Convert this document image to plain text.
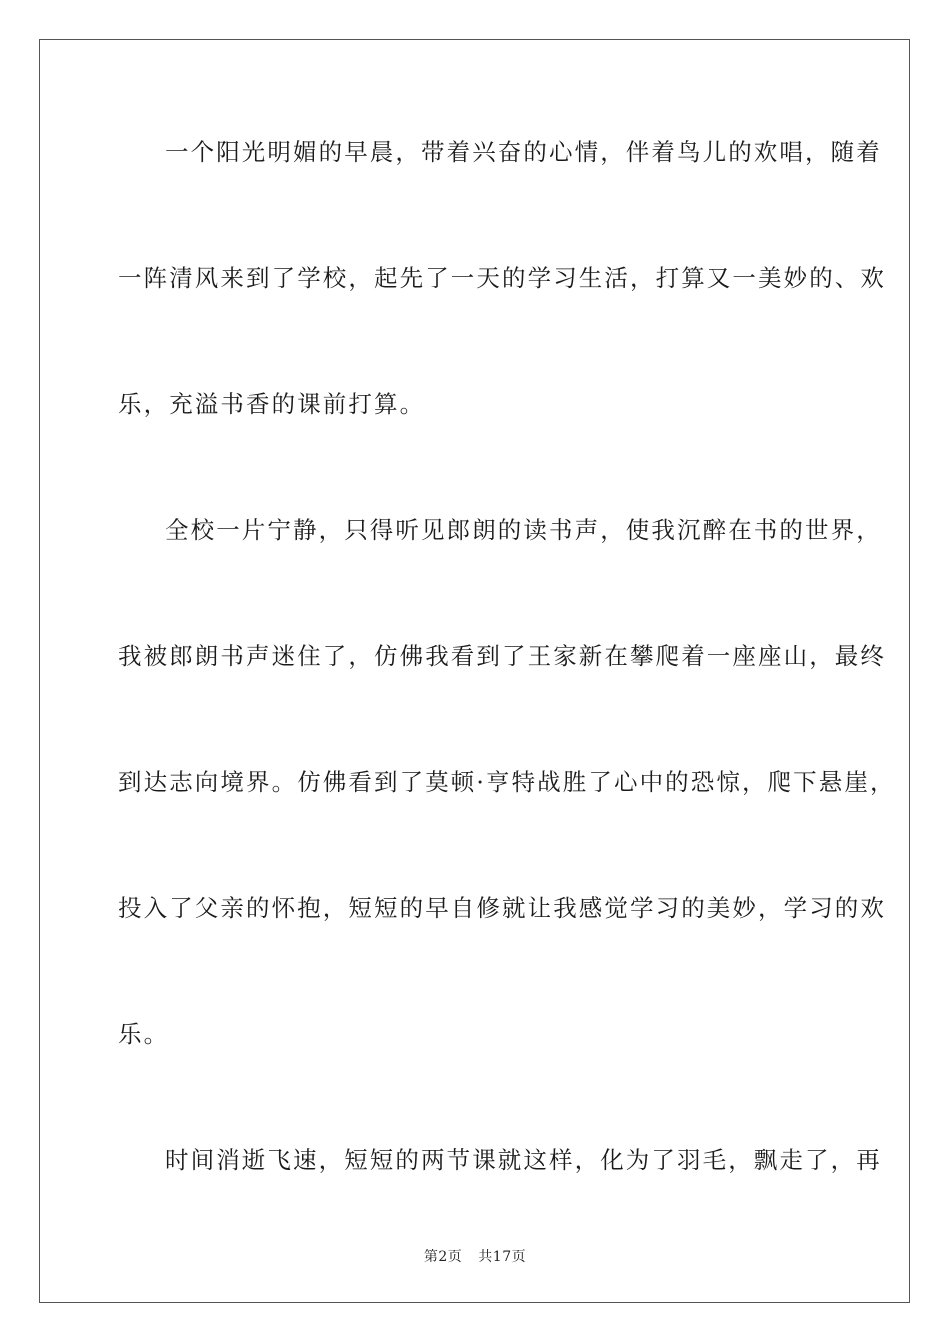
一个阳光明媚的早晨，带着兴奋的心情，伴着鸟儿的欢唱，随着
一阵清风来到了学校，起先了一天的学习生活，打算又一美妙的、欢
乐，充溢书香的课前打算。
全校一片宁静，只得听见郎朗的读书声，使我沉醉在书的世界，
我被郎朗书声迷住了，仿佛我看到了王家新在攀爬着一座座山，最终
到达志向境界。仿佛看到了莫顿·亨特战胜了心中的恐惊，爬下悬崖，
投入了父亲的怀抱，短短的早自修就让我感觉学习的美妙，学习的欢
乐。
时间消逝飞速，短短的两节课就这样，化为了羽毛，飘走了，再
第2页 共17页
